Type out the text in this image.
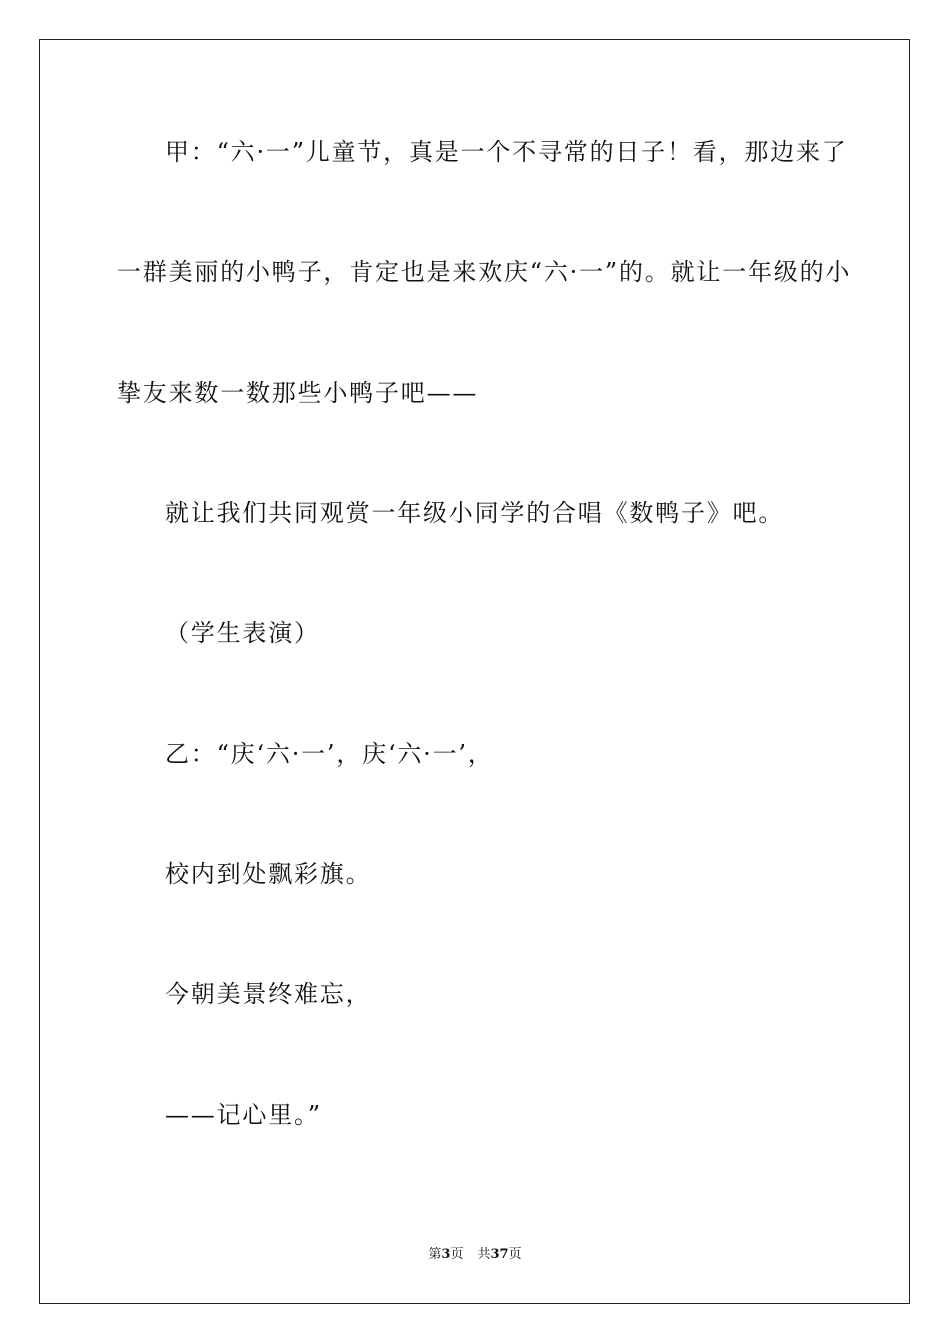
甲：“六·一”儿童节，真是一个不寻常的日子！看，那边来了
一群美丽的小鸭子，肯定也是来欢庆“六·一”的。就让一年级的小
挚友来数一数那些小鸭子吧——
就让我们共同观赏一年级小同学的合唱《数鸭子》吧。
（学生表演）
乙：“庆‘六·一’，庆‘六·一’，
校内到处飘彩旗。
今朝美景终难忘，
——记心里。”
第3页 共37页
